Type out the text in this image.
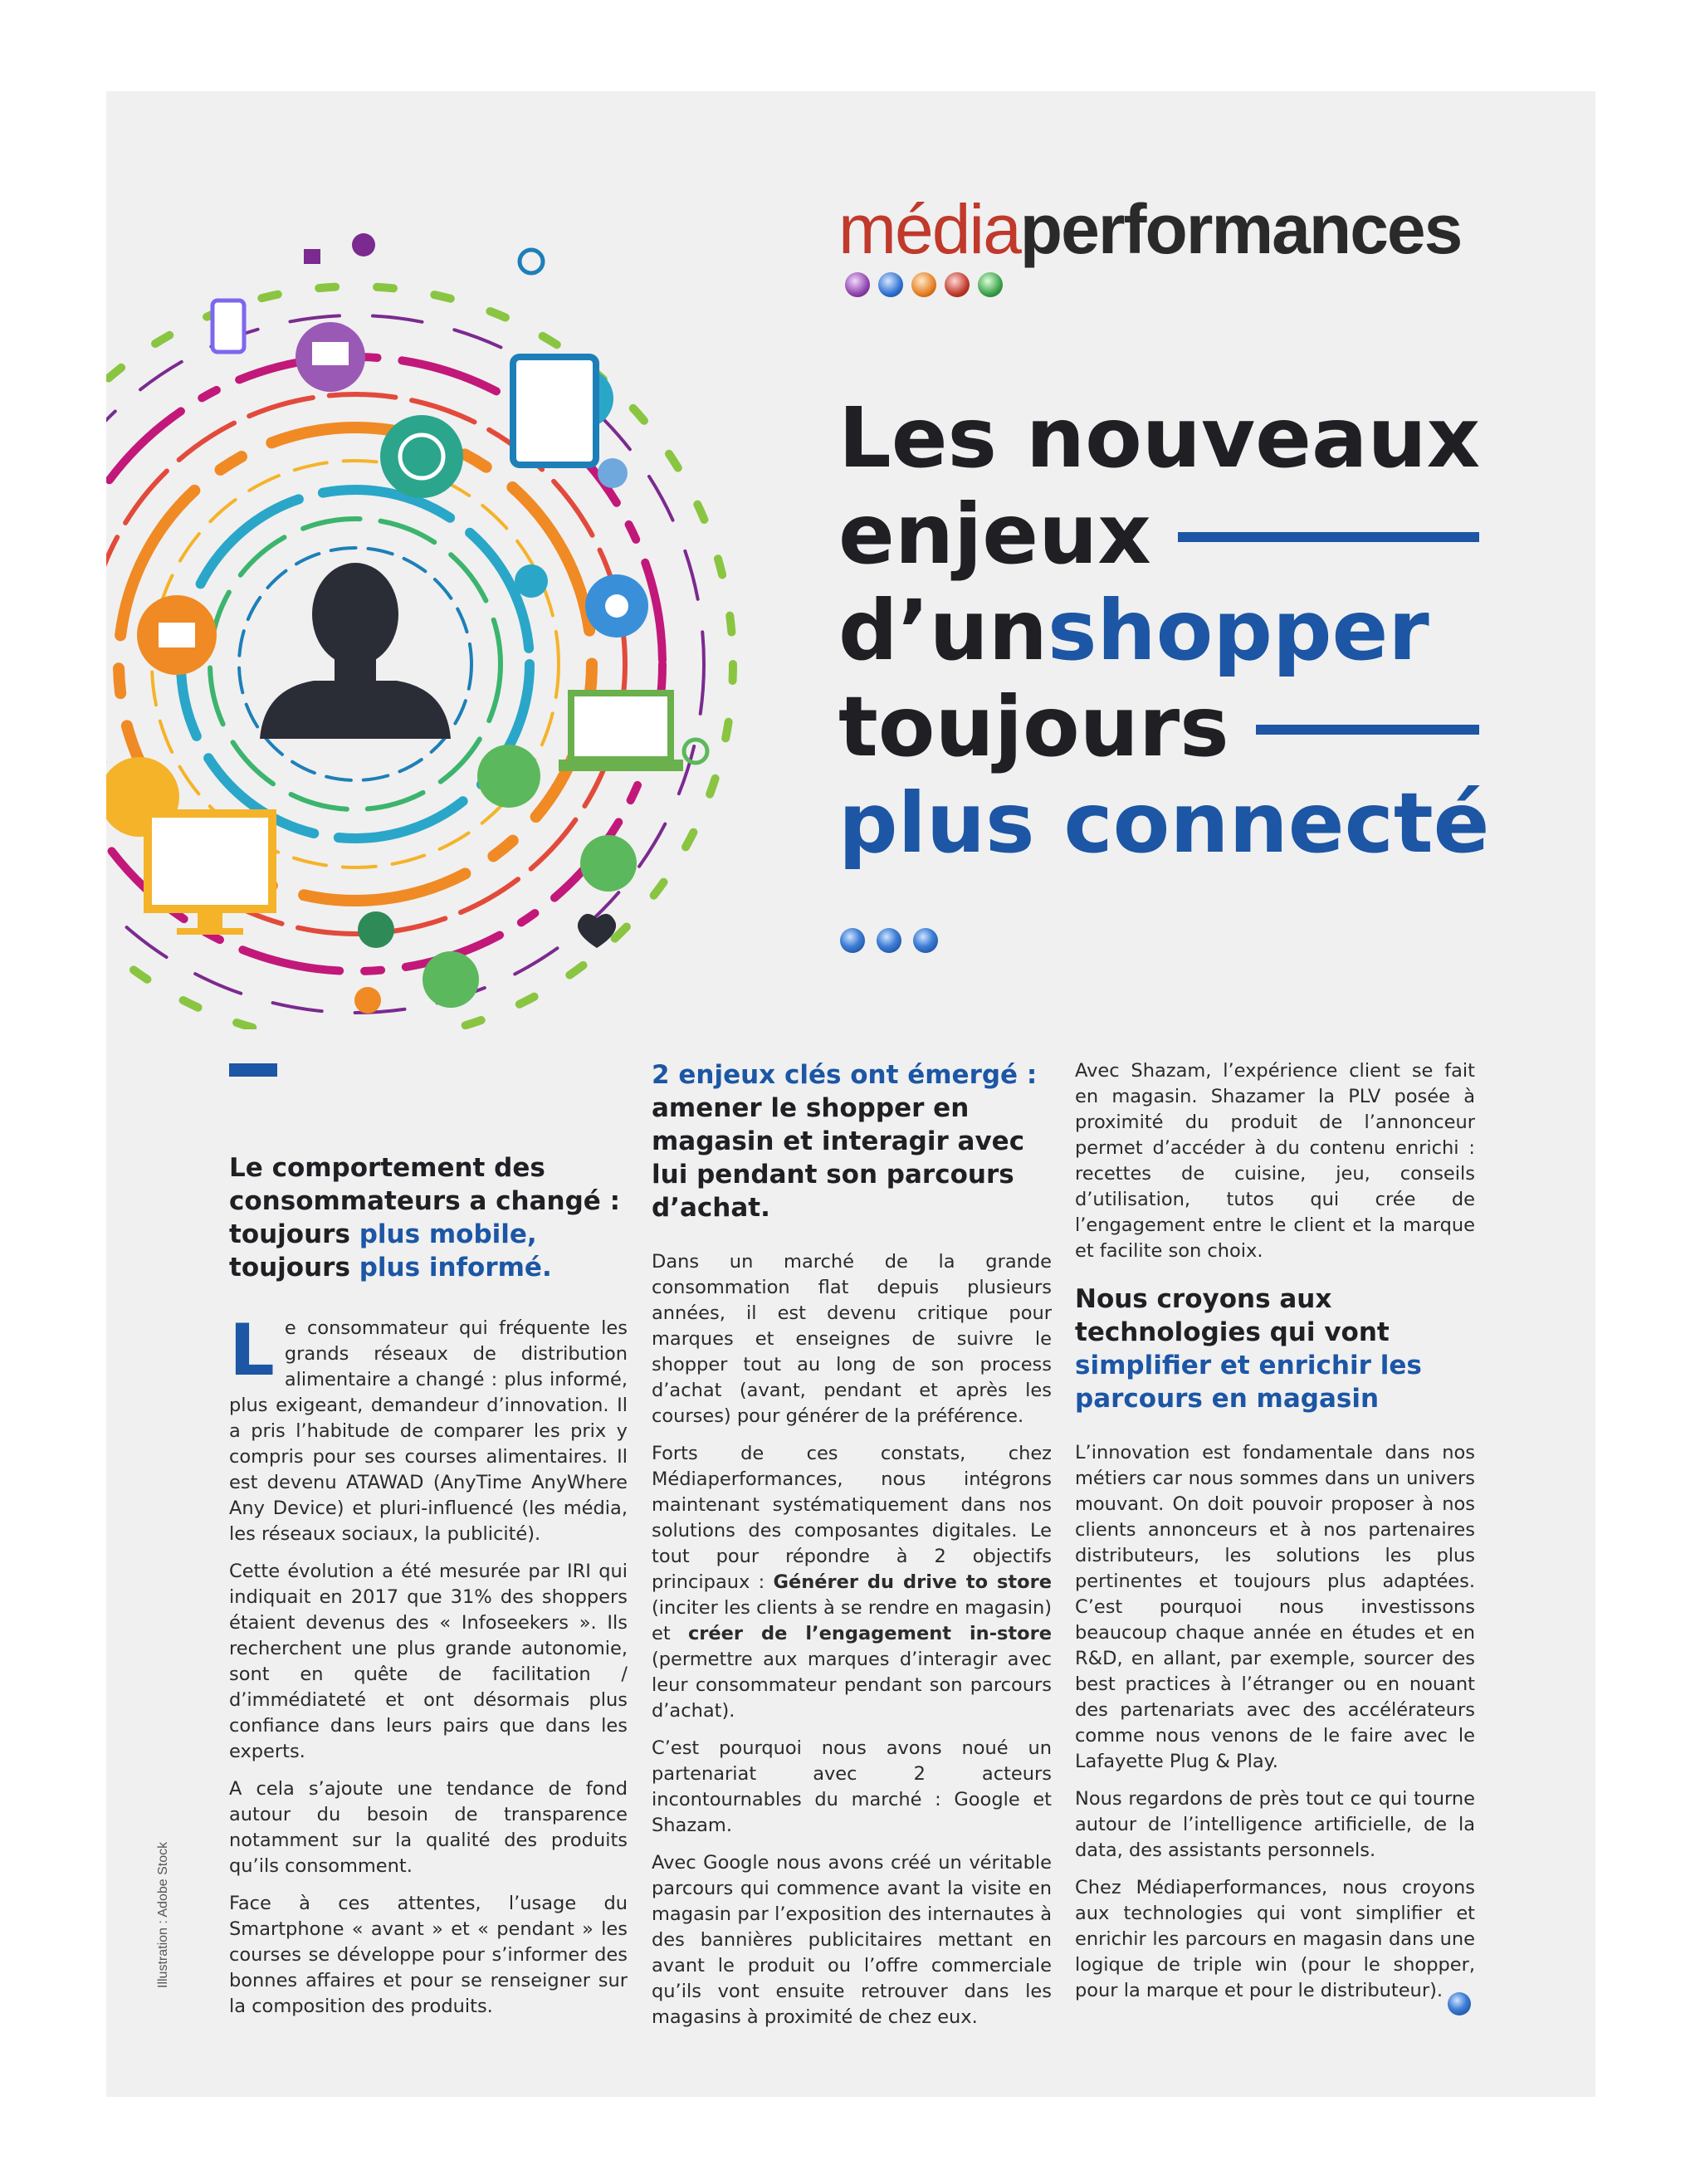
médiaperformances
Les nouveaux
enjeux
d’un shopper
toujours
plus connecté
Le comportement des consommateurs a changé : toujours plus mobile,
toujours plus informé.

Le consommateur qui fréquente les grands réseaux de distribution alimentaire a changé : plus informé, plus exigeant, demandeur d’innovation. Il a pris l’habitude de comparer les prix y compris pour ses courses alimentaires. Il est devenu ATAWAD (AnyTime AnyWhere Any Device) et pluri-influencé (les média, les réseaux sociaux, la publicité).

Cette évolution a été mesurée par IRI qui indiquait en 2017 que 31% des shoppers étaient devenus des « Infoseekers ». Ils recherchent une plus grande autonomie, sont en quête de facilitation / d’immédiateté et ont désormais plus confiance dans leurs pairs que dans les experts.

A cela s’ajoute une tendance de fond autour du besoin de transparence notamment sur la qualité des produits qu’ils consomment.

Face à ces attentes, l’usage du Smartphone « avant » et « pendant » les courses se développe pour s’informer des bonnes affaires et pour se renseigner sur la composition des produits.

2 enjeux clés ont émergé :
amener le shopper en magasin et interagir avec lui pendant son parcours d’achat.

Dans un marché de la grande consommation flat depuis plusieurs années, il est devenu critique pour marques et enseignes de suivre le shopper tout au long de son process d’achat (avant, pendant et après les courses) pour générer de la préférence.

Forts de ces constats, chez Médiaperformances, nous intégrons maintenant systématiquement dans nos solutions des composantes digitales. Le tout pour répondre à 2 objectifs principaux : Générer du drive to store (inciter les clients à se rendre en magasin) et créer de l’engagement in-store (permettre aux marques d’interagir avec leur consommateur pendant son parcours d’achat).

C’est pourquoi nous avons noué un partenariat avec 2 acteurs incontournables du marché : Google et Shazam.

Avec Google nous avons créé un véritable parcours qui commence avant la visite en magasin par l’exposition des internautes à des bannières publicitaires mettant en avant le produit ou l’offre commerciale qu’ils vont ensuite retrouver dans les magasins à proximité de chez eux.

Avec Shazam, l’expérience client se fait en magasin. Shazamer la PLV posée à proximité du produit de l’annonceur permet d’accéder à du contenu enrichi : recettes de cuisine, jeu, conseils d’utilisation, tutos qui crée de l’engagement entre le client et la marque et facilite son choix.

Nous croyons aux technologies qui vont
simplifier et enrichir les parcours en magasin

L’innovation est fondamentale dans nos métiers car nous sommes dans un univers mouvant. On doit pouvoir proposer à nos clients annonceurs et à nos partenaires distributeurs, les solutions les plus pertinentes et toujours plus adaptées. C’est pourquoi nous investissons beaucoup chaque année en études et en R&D, en allant, par exemple, sourcer des best practices à l’étranger ou en nouant des partenariats avec des accélérateurs comme nous venons de le faire avec le Lafayette Plug & Play.

Nous regardons de près tout ce qui tourne autour de l’intelligence artificielle, de la data, des assistants personnels.

Chez Médiaperformances, nous croyons aux technologies qui vont simplifier et enrichir les parcours en magasin dans une logique de triple win (pour le shopper, pour la marque et pour le distributeur).

Illustration : Adobe Stock
